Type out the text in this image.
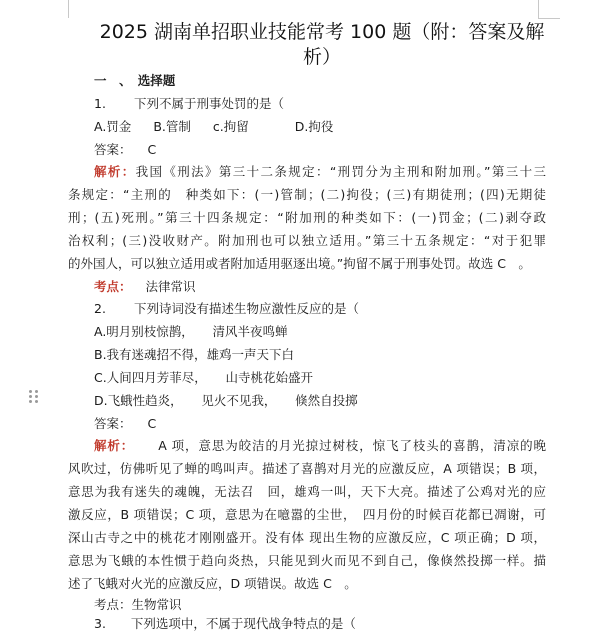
2025 湖南单招职业技能常考 100 题（附：答案及解
析）
一　、　选择题
1. 下列不属于刑事处罚的是（
A.罚金 B.管制 c.拘留	D.拘役
答案： C
解析：我国《刑法》第三十二条规定：“刑罚分为主刑和附加刑。”第三十三
条规定：“主刑的　种类如下：(一)管制；(二)拘役；(三)有期徒刑；(四)无期徒
刑；(五)死刑。”第三十四条规定：“附加刑的种类如下：(一)罚金；(二)剥夺政
治权利；(三)没收财产。附加刑也可以独立适用。”第三十五条规定：“对于犯罪
的外国人，可以独立适用或者附加适用驱逐出境。”拘留不属于刑事处罚。故选 C　。
考点： 法律常识
2. 下列诗词没有描述生物应激性反应的是（
A.明月别枝惊鹊，　　清风半夜鸣蝉
B.我有迷魂招不得，雄鸡一声天下白
C.人间四月芳菲尽，　　山寺桃花始盛开
D.飞蛾性趋炎，　　见火不见我，　　倏然自投掷
答案： C
解析： A 项，意思为皎洁的月光掠过树枝，惊飞了枝头的喜鹊，清凉的晚
风吹过，仿佛听见了蝉的鸣叫声。描述了喜鹊对月光的应激反应，A 项错误；B 项，
意思为我有迷失的魂魄，无法召　回，雄鸡一叫，天下大亮。描述了公鸡对光的应
激反应，B 项错误；C 项，意思为在噫嚣的尘世，　四月份的时候百花都已凋谢，可
深山古寺之中的桃花才刚刚盛开。没有体 现出生物的应激反应，C 项正确；D 项，
意思为飞蛾的本性惯于趋向炎热，只能见到火而见不到自己，像倏然投掷一样。描
述了飞蛾对火光的应激反应，D 项错误。故选 C　。
考点：生物常识
3.　　下列选项中，不属于现代战争特点的是（
